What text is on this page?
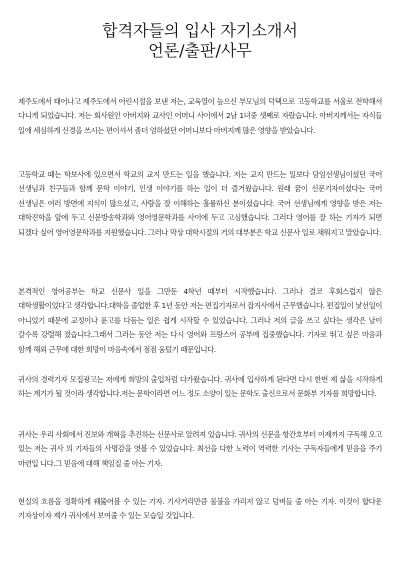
합격자들의 입사 자기소개서
언론/출판/사무

제주도에서 태어나고 제주도에서 어린시절을 보낸 저는, 교육열이 높으신 부모님의 덕택으로 고등학교를 서울로 전학해서 다니게 되었습니다. 저는 회사원인 아버지와 교사인 어머니 사이에서 2남 1녀중 셋째로 자랐습니다. 아버지께서는 자식들 일에 세심하게 신경을 쓰시는 편이셔서 좀더 엄하셨던 어머니보다 아버지께 많은 영향을 받았습니다.

고등학교 때는 학보사에 있으면서 학교의 교지 만드는 일을 했습니다. 저는 교지 만드는 일보다 담임선생님이셨던 국어 선생님과 친구들과 함께 문학 이야기, 인생 이야기를 하는 일이 더 즐거웠습니다. 원래 꿈이 신문기자이셨다는 국어 선생님은 여러 방면에 지식이 많으셨고, 사람을 잘 이해하는 훌륭하신 분이셨습니다. 국어 선생님에게 영향을 받은 저는 대학진학을 앞에 두고 신문방송학과와 영어영문학과를 사이에 두고 고심했습니다. 그러다 영어를 잘 하는 기자가 되면 되겠다 싶어 영어영문학과를 지원했습니다. 그러나 막상 대학시절의 거의 대부분은 학교 신문사 일로 채워지고 말았습니다.

본격적인 영어공부는 학교 신문사 일을 그만둔 4학년 때부터 시작했습니다. 그러나 결코 후회스럽지 않은 대학생활이었다고 생각합니다.대학을 졸업한 후 1년 동안 저는 편집기자로서 잡지사에서 근무했습니다. 편집일이 낯선일이 아니었기 때문에 교정이나 윤고를 다듬는 일은 쉽게 시작할 수 있었습니다. 그러나 저의 글을 쓰고 싶다는 생각은 날이 갈수록 강렬해 졌습니다.그래서 그러는 동안 저는 다시 영어와 프랑스어 공부에 집중했습니다. 기자로 뛰고 싶은 마음과 함께 해외 근무에 대한 희망이 마음속에서 점점 움텄기 때문입니다.

귀사의 경력기자 모집광고는 저에게 희망의 출입처럼 다가왔습니다. 귀사에 입사하게 된다면 다시 한번 제 삶을 시작하게 하는 계기가 될 것이라 생각합니다.저는 문학이라면 어느 정도 소양이 있는 문학도 출신으로서 문화부 기자를 희망합니다.

귀사는 우리 사회에서 진보와 개혁을 추진하는 신문사로 알려져 있습니다. 귀사의 신문을 항간호부터 이제까지 구독해 오고 있는 저는 귀사 의 기자들의 사명감을 엿볼 수 있었습니다. 최선을 다한 노력이 역력한 기사는 구독자들에게 믿음을 주기 마련입 니다.그 믿음에 대해 책임질 줄 아는 기자.

현실의 흐름을 정확하게 꿰뚫어볼 수 있는 기자. 기사거리만큼 물불을 가리지 않고 덤벼들 줄 아는 기자. 이것이 합다운 기자상이자 제가 귀사에서 보여줄 수 있는 모습일 것입니다.
